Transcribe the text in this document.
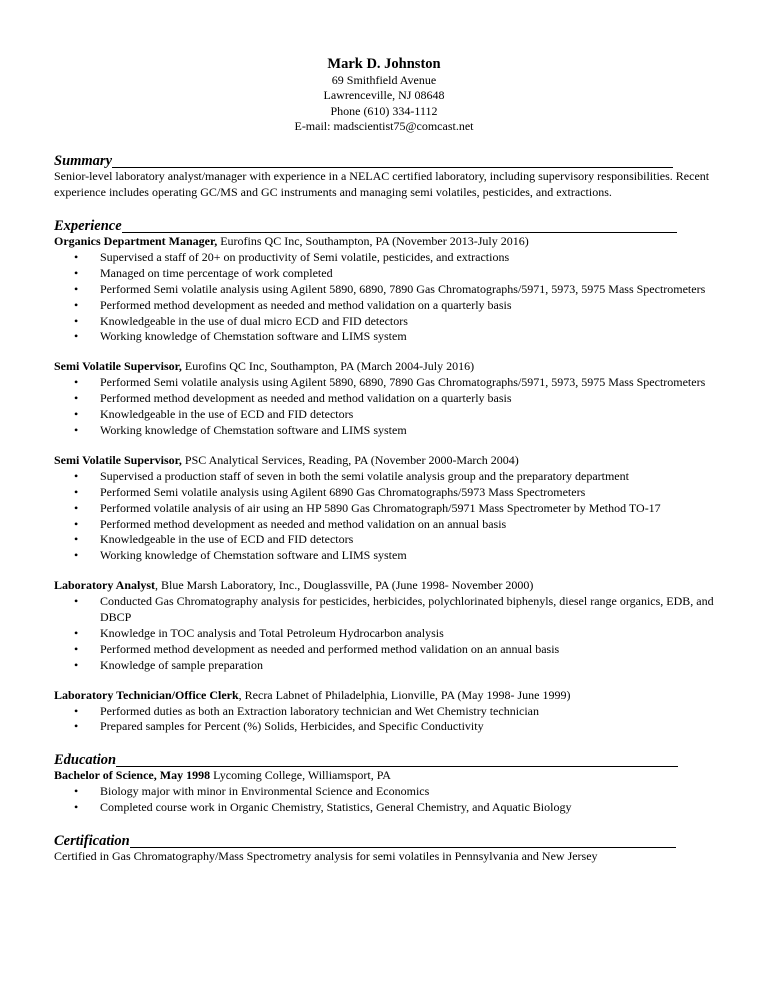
Mark D. Johnston
69 Smithfield Avenue
Lawrenceville, NJ 08648
Phone (610) 334-1112
E-mail: madscientist75@comcast.net
Summary
Senior-level laboratory analyst/manager with experience in a NELAC certified laboratory, including supervisory responsibilities. Recent experience includes operating GC/MS and GC instruments and managing semi volatiles, pesticides, and extractions.
Experience
Organics Department Manager, Eurofins QC Inc, Southampton, PA (November 2013-July 2016)
• Supervised a staff of 20+ on productivity of Semi volatile, pesticides, and extractions
• Managed on time percentage of work completed
• Performed Semi volatile analysis using Agilent 5890, 6890, 7890 Gas Chromatographs/5971, 5973, 5975 Mass Spectrometers
• Performed method development as needed and method validation on a quarterly basis
• Knowledgeable in the use of dual micro ECD and FID detectors
• Working knowledge of Chemstation software and LIMS system
Semi Volatile Supervisor, Eurofins QC Inc, Southampton, PA (March 2004-July 2016)
• Performed Semi volatile analysis using Agilent 5890, 6890, 7890 Gas Chromatographs/5971, 5973, 5975 Mass Spectrometers
• Performed method development as needed and method validation on a quarterly basis
• Knowledgeable in the use of ECD and FID detectors
• Working knowledge of Chemstation software and LIMS system
Semi Volatile Supervisor, PSC Analytical Services, Reading, PA (November 2000-March 2004)
• Supervised a production staff of seven in both the semi volatile analysis group and the preparatory department
• Performed Semi volatile analysis using Agilent 6890 Gas Chromatographs/5973 Mass Spectrometers
• Performed volatile analysis of air using an HP 5890 Gas Chromatograph/5971 Mass Spectrometer by Method TO-17
• Performed method development as needed and method validation on an annual basis
• Knowledgeable in the use of ECD and FID detectors
• Working knowledge of Chemstation software and LIMS system
Laboratory Analyst, Blue Marsh Laboratory, Inc., Douglassville, PA (June 1998- November 2000)
• Conducted Gas Chromatography analysis for pesticides, herbicides, polychlorinated biphenyls, diesel range organics, EDB, and DBCP
• Knowledge in TOC analysis and Total Petroleum Hydrocarbon analysis
• Performed method development as needed and performed method validation on an annual basis
• Knowledge of sample preparation
Laboratory Technician/Office Clerk, Recra Labnet of Philadelphia, Lionville, PA (May 1998- June 1999)
• Performed duties as both an Extraction laboratory technician and Wet Chemistry technician
• Prepared samples for Percent (%) Solids, Herbicides, and Specific Conductivity
Education
Bachelor of Science, May 1998 Lycoming College, Williamsport, PA
• Biology major with minor in Environmental Science and Economics
• Completed course work in Organic Chemistry, Statistics, General Chemistry, and Aquatic Biology
Certification
Certified in Gas Chromatography/Mass Spectrometry analysis for semi volatiles in Pennsylvania and New Jersey
